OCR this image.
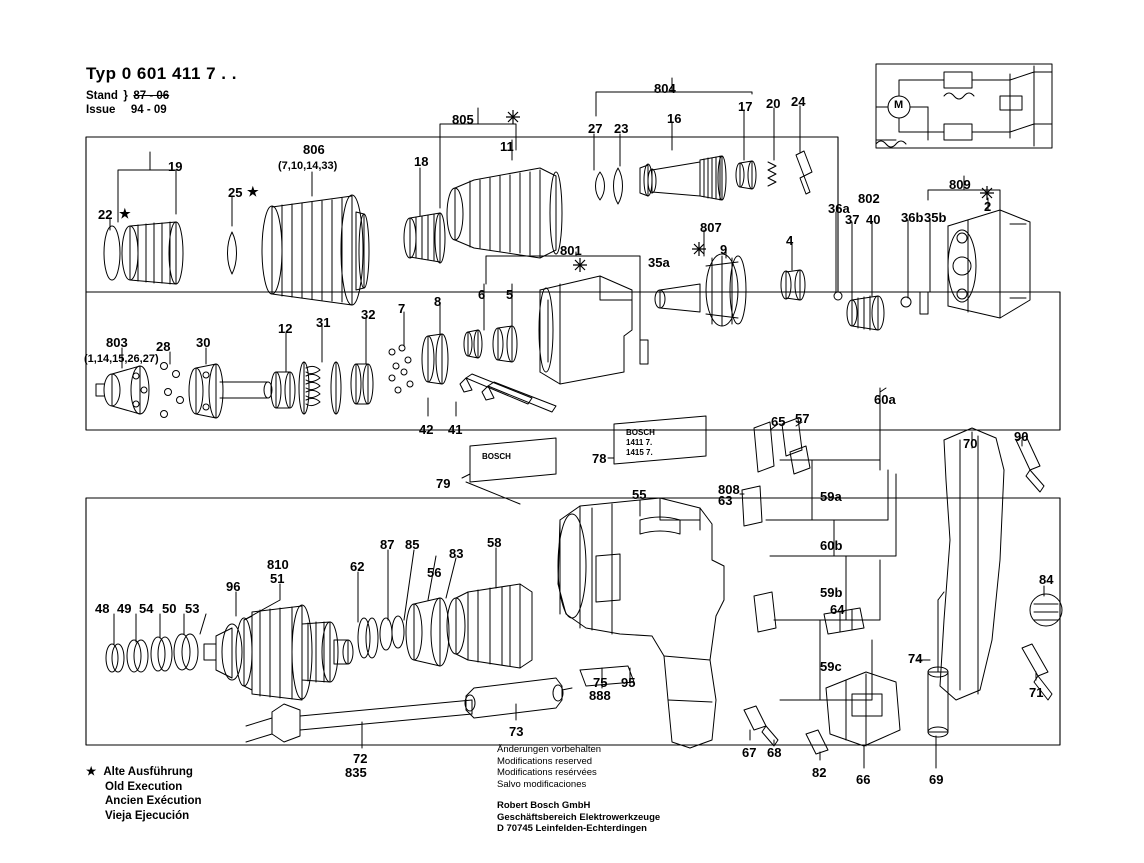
Typ 0 601 411 7 . .
Stand } 87 - 06
Issue 94 - 09
BOSCH
BOSCH
1411 7.
1415 7.
M
19
25 ★
22 ★
806
(7,10,14,33)	18
805
11
27 23
804
16
17 20 24
802
37 40
36a
36b 35b
809
2
807
9
4
801
35a
6 5
8
7
32
31
12
30
28
803
(1,14,15,26,27)
42 41
60a
65 57
70	90
79
78
808
63
55	59a
60b
59b
59c
84
64
74
71
810
51
96
62
87 85
83
56
58
48 49 54 50 53
75 95
888
67 68
82 66	69
72
835
73
★ Alte Ausführung
Old Execution
Ancien Exécution
Vieja Ejecución
Änderungen vorbehalten
Modifications reserved
Modifications resérvées
Salvo modificaciones
Robert Bosch GmbH
Geschäftsbereich Elektrowerkzeuge
D 70745 Leinfelden-Echterdingen
